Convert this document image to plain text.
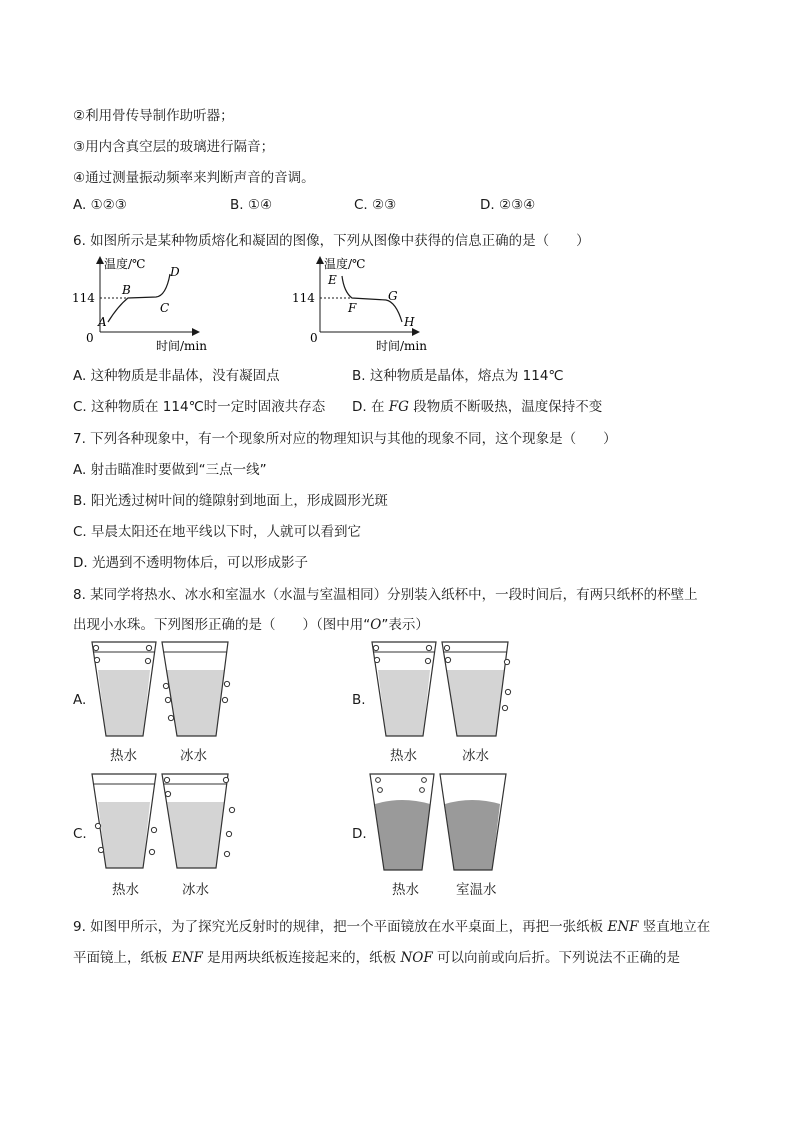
②利用骨传导制作助听器；
③用内含真空层的玻璃进行隔音；
④通过测量振动频率来判断声音的音调。
A. ①②③	B. ①④	C. ②③	D. ②③④
6. 如图所示是某种物质熔化和凝固的图像，下列从图像中获得的信息正确的是（　　）
温度/℃
114
0
A
B
C
D
时间/min
温度/℃
114
0
E
F
G
H
时间/min
A. 这种物质是非晶体，没有凝固点	B. 这种物质是晶体，熔点为 114℃
C. 这种物质在 114℃时一定时固液共存态 D. 在 FG 段物质不断吸热，温度保持不变
7. 下列各种现象中，有一个现象所对应的物理知识与其他的现象不同，这个现象是（　　）
A. 射击瞄准时要做到“三点一线”
B. 阳光透过树叶间的缝隙射到地面上，形成圆形光斑
C. 早晨太阳还在地平线以下时，人就可以看到它
D. 光遇到不透明物体后，可以形成影子
8. 某同学将热水、冰水和室温水（水温与室温相同）分别装入纸杯中，一段时间后，有两只纸杯的杯壁上
出现小水珠。下列图形正确的是（　　）（图中用“O”表示）
A.
热水	冰水
B.
热水	冰水
C.
热水	冰水
D.
热水	室温水
9. 如图甲所示，为了探究光反射时的规律，把一个平面镜放在水平桌面上，再把一张纸板 ENF 竖直地立在
平面镜上，纸板 ENF 是用两块纸板连接起来的，纸板 NOF 可以向前或向后折。下列说法不正确的是
